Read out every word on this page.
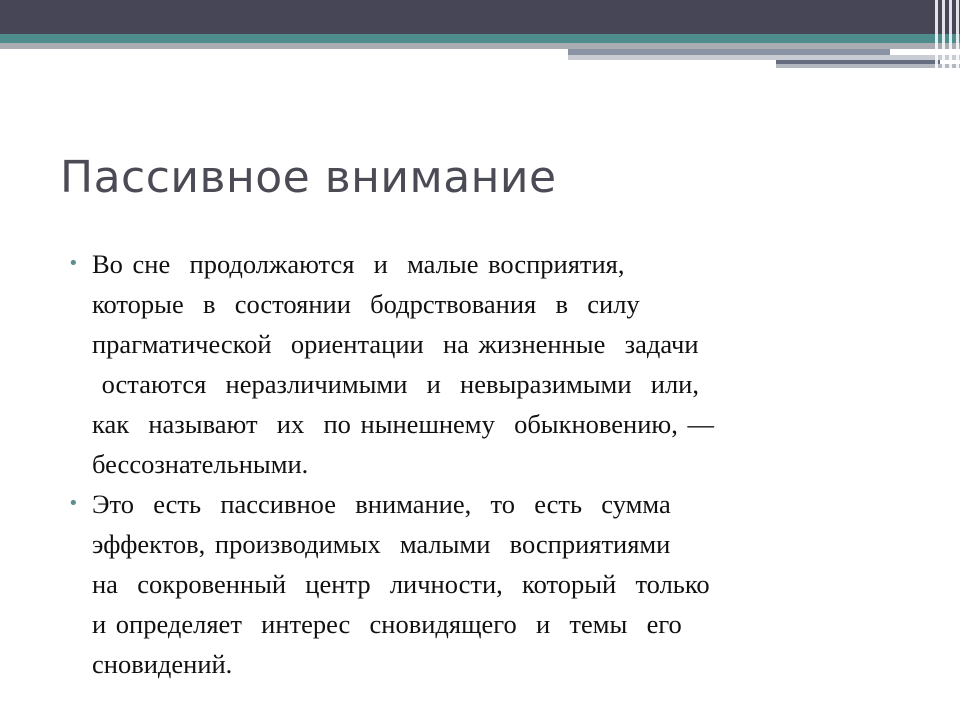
Пассивное внимание
• Во сне  продолжаются  и  малые восприятия,
которые  в  состоянии  бодрствования  в  силу
прагматической  ориентации  на жизненные  задачи
остаются  неразличимыми  и  невыразимыми  или,
как  называют  их  по нынешнему  обыкновению, —
бессознательными.
• Это  есть  пассивное  внимание,  то  есть  сумма
эффектов, производимых  малыми  восприятиями
на  сокровенный  центр  личности,  который  только
и определяет  интерес  сновидящего  и  темы  его
сновидений.
